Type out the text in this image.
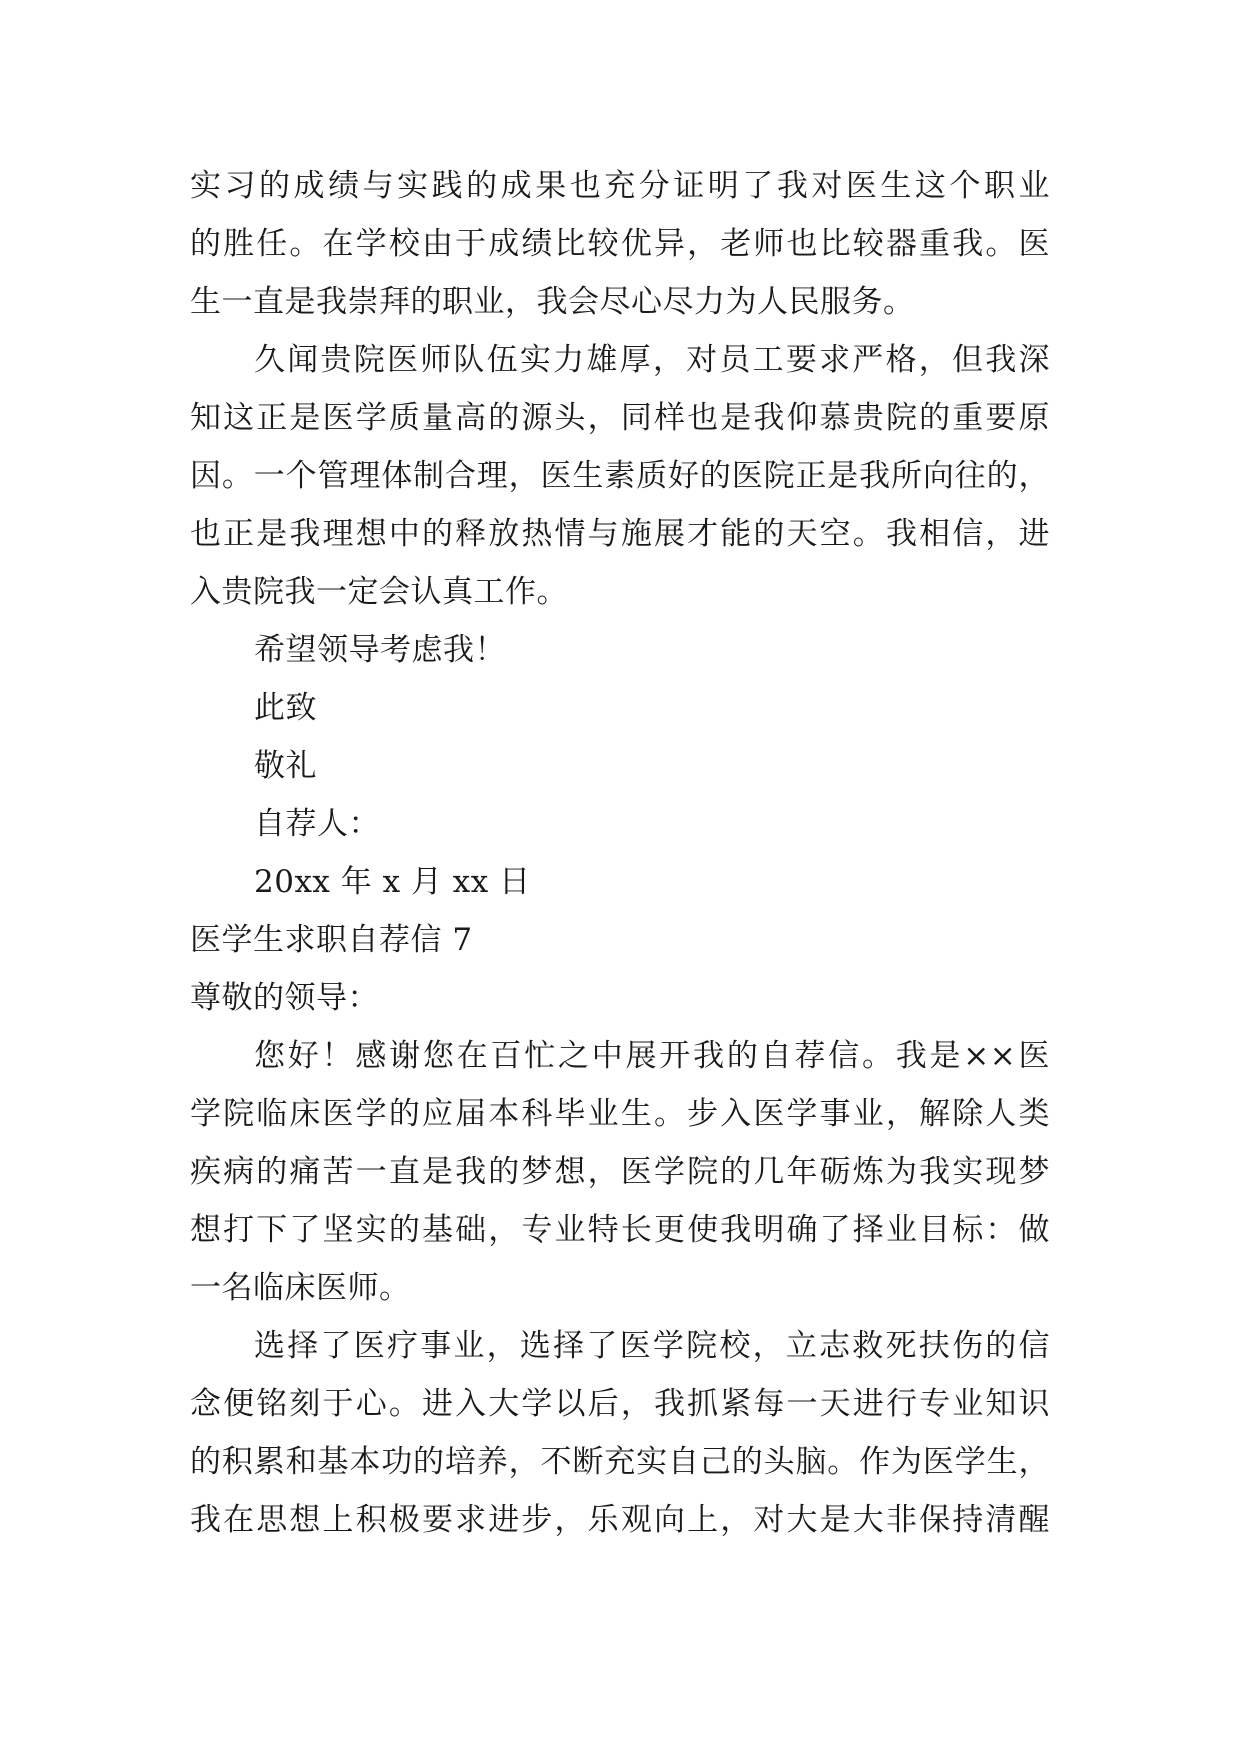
实习的成绩与实践的成果也充分证明了我对医生这个职业
的胜任。在学校由于成绩比较优异，老师也比较器重我。医
生一直是我崇拜的职业，我会尽心尽力为人民服务。
久闻贵院医师队伍实力雄厚，对员工要求严格，但我深
知这正是医学质量高的源头，同样也是我仰慕贵院的重要原
因。一个管理体制合理，医生素质好的医院正是我所向往的，
也正是我理想中的释放热情与施展才能的天空。我相信，进
入贵院我一定会认真工作。
希望领导考虑我！
此致
敬礼
自荐人：
20xx 年 x 月 xx 日
医学生求职自荐信 7
尊敬的领导：
您好！感谢您在百忙之中展开我的自荐信。我是××医
学院临床医学的应届本科毕业生。步入医学事业，解除人类
疾病的痛苦一直是我的梦想，医学院的几年砺炼为我实现梦
想打下了坚实的基础，专业特长更使我明确了择业目标：做
一名临床医师。
选择了医疗事业，选择了医学院校，立志救死扶伤的信
念便铭刻于心。进入大学以后，我抓紧每一天进行专业知识
的积累和基本功的培养，不断充实自己的头脑。作为医学生，
我在思想上积极要求进步，乐观向上，对大是大非保持清醒
